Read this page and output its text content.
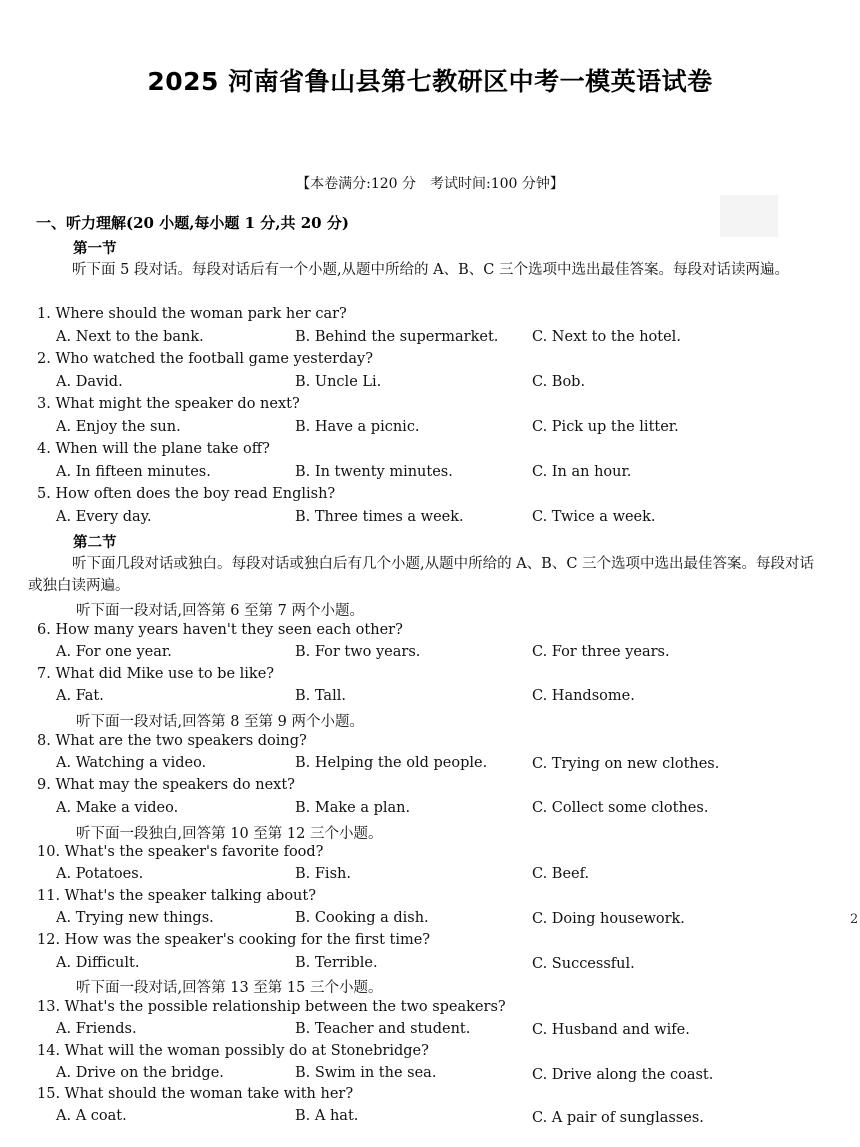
2025 河南省鲁山县第七教研区中考一模英语试卷
【本卷满分:120 分　考试时间:100 分钟】
一、听力理解(20 小题,每小题 1 分,共 20 分)
第一节
听下面 5 段对话。每段对话后有一个小题,从题中所给的 A、B、C 三个选项中选出最佳答案。每段对话读两遍。
1. Where should the woman park her car?
A. Next to the bank.	B. Behind the supermarket. C. Next to the hotel.
2. Who watched the football game yesterday?
A. David.	B. Uncle Li.	C. Bob.
3. What might the speaker do next?
A. Enjoy the sun.	B. Have a picnic.	C. Pick up the litter.
4. When will the plane take off?
A. In fifteen minutes.	B. In twenty minutes.	C. In an hour.
5. How often does the boy read English?
A. Every day.	B. Three times a week.	C. Twice a week.
第二节
听下面几段对话或独白。每段对话或独白后有几个小题,从题中所给的 A、B、C 三个选项中选出最佳答案。每段对话或独白读两遍。
听下面一段对话,回答第 6 至第 7 两个小题。
6. How many years haven't they seen each other?
A. For one year.	B. For two years.	C. For three years.
7. What did Mike use to be like?
A. Fat.	B. Tall.	C. Handsome.
听下面一段对话,回答第 8 至第 9 两个小题。
8. What are the two speakers doing?
A. Watching a video.	B. Helping the old people.	C. Trying on new clothes.
9. What may the speakers do next?
A. Make a video.	B. Make a plan.	C. Collect some clothes.
听下面一段独白,回答第 10 至第 12 三个小题。
10. What's the speaker's favorite food?
A. Potatoes.	B. Fish.	C. Beef.
11. What's the speaker talking about?
A. Trying new things.	B. Cooking a dish.	C. Doing housework.
12. How was the speaker's cooking for the first time?
A. Difficult.	B. Terrible.	C. Successful.
听下面一段对话,回答第 13 至第 15 三个小题。
13. What's the possible relationship between the two speakers?
A. Friends.	B. Teacher and student.	C. Husband and wife.
14. What will the woman possibly do at Stonebridge?
A. Drive on the bridge.	B. Swim in the sea.	C. Drive along the coast.
15. What should the woman take with her?
A. A coat.	B. A hat.	C. A pair of sunglasses.
2
